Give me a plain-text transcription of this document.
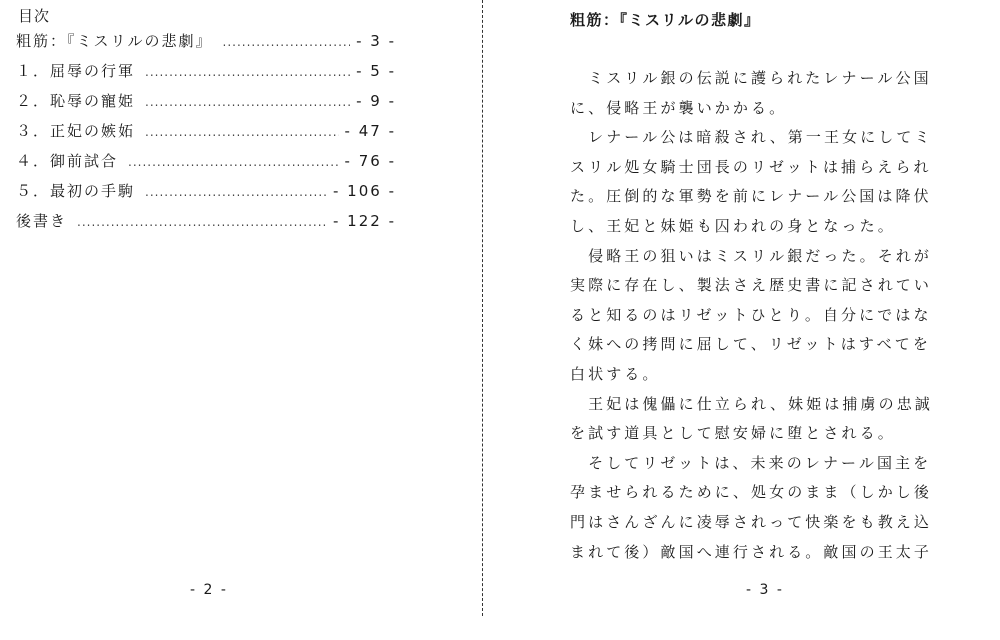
目次
粗筋：『ミスリルの悲劇』 .....	- 3 -
１．屈辱の行軍 .....	- 5 -
２．恥辱の寵姫 .....	- 9 -
３．正妃の嫉妬 .....	- 47 -
４．御前試合 .....	- 76 -
５．最初の手駒 .....	- 106 -
後書き .....	- 122 -
- 2 -
粗筋：『ミスリルの悲劇』
　ミスリル銀の伝説に護られたレナール公国
に、侵略王が襲いかかる。
　レナール公は暗殺され、第一王女にしてミ
スリル処女騎士団長のリゼットは捕らえられ
た。圧倒的な軍勢を前にレナール公国は降伏
し、王妃と妹姫も囚われの身となった。
　侵略王の狙いはミスリル銀だった。それが
実際に存在し、製法さえ歴史書に記されてい
ると知るのはリゼットひとり。自分にではな
く妹への拷問に屈して、リゼットはすべてを
白状する。
　王妃は傀儡に仕立られ、妹姫は捕虜の忠誠
を試す道具として慰安婦に堕とされる。
　そしてリゼットは、未来のレナール国主を
孕ませられるために、処女のまま（しかし後
門はさんざんに凌辱されって快楽をも教え込
まれて後）敵国へ連行される。敵国の王太子
- 3 -
